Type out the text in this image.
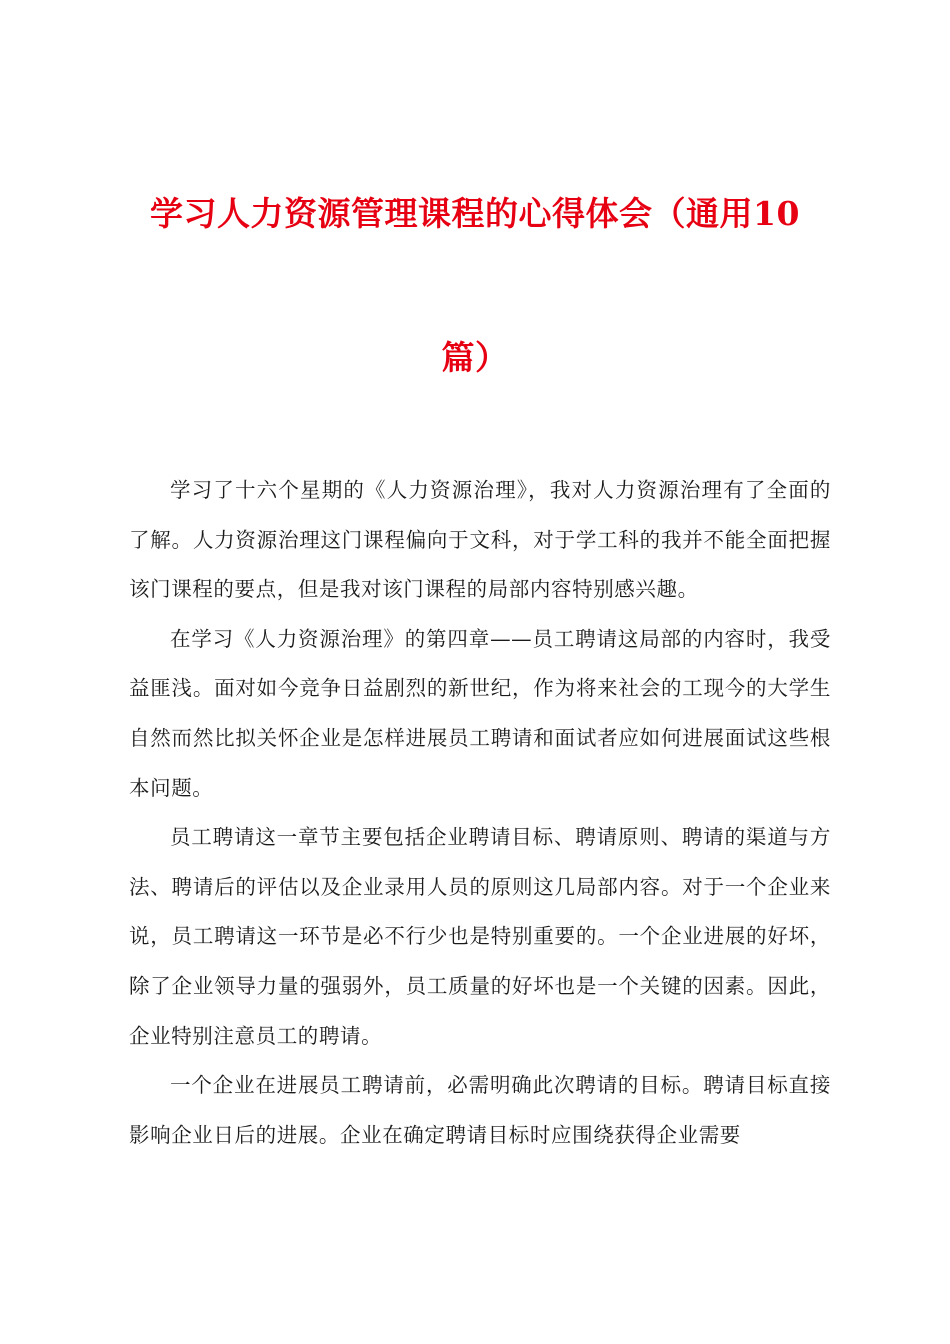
学习人力资源管理课程的心得体会（通用10
篇）

学习了十六个星期的《人力资源治理》，我对人力资源治理有了全面的了解。人力资源治理这门课程偏向于文科，对于学工科的我并不能全面把握该门课程的要点，但是我对该门课程的局部内容特别感兴趣。

在学习《人力资源治理》的第四章——员工聘请这局部的内容时，我受益匪浅。面对如今竞争日益剧烈的新世纪，作为将来社会的工现今的大学生自然而然比拟关怀企业是怎样进展员工聘请和面试者应如何进展面试这些根本问题。

员工聘请这一章节主要包括企业聘请目标、聘请原则、聘请的渠道与方法、聘请后的评估以及企业录用人员的原则这几局部内容。对于一个企业来说，员工聘请这一环节是必不行少也是特别重要的。一个企业进展的好坏，除了企业领导力量的强弱外，员工质量的好坏也是一个关键的因素。因此，企业特别注意员工的聘请。

一个企业在进展员工聘请前，必需明确此次聘请的目标。聘请目标直接影响企业日后的进展。企业在确定聘请目标时应围绕获得企业需要
